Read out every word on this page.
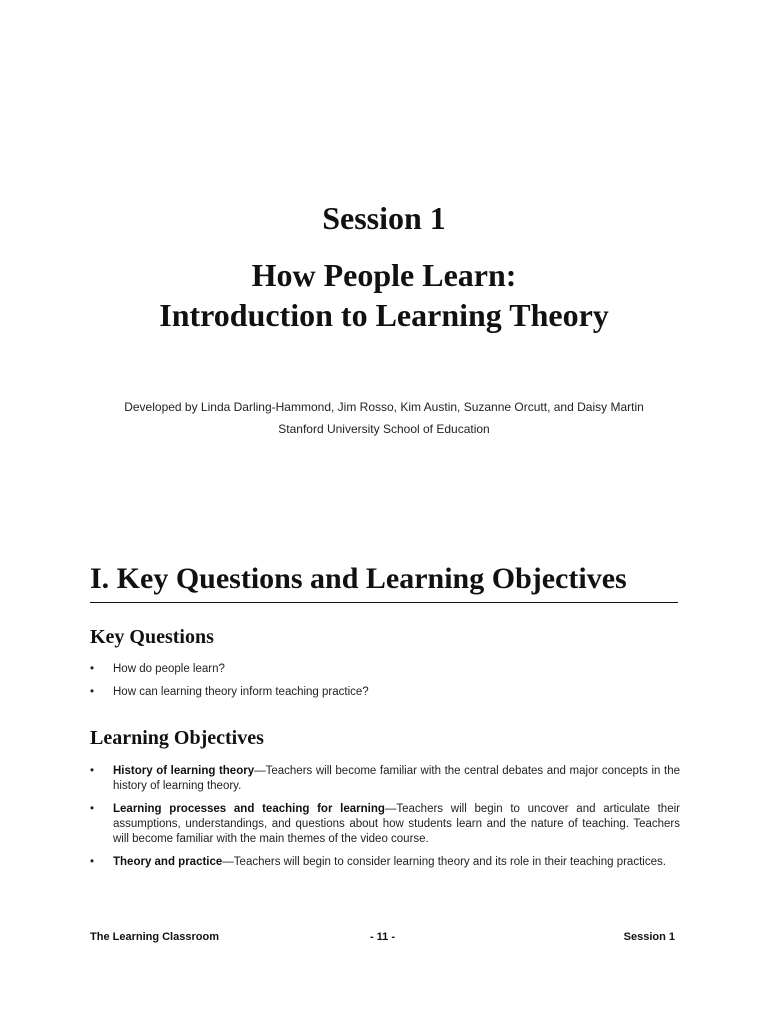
Session 1
How People Learn:
Introduction to Learning Theory
Developed by Linda Darling-Hammond, Jim Rosso, Kim Austin, Suzanne Orcutt, and Daisy Martin
Stanford University School of Education
I. Key Questions and Learning Objectives
Key Questions
• How do people learn?
• How can learning theory inform teaching practice?
Learning Objectives
• History of learning theory—Teachers will become familiar with the central debates and major concepts in the history of learning theory.
• Learning processes and teaching for learning—Teachers will begin to uncover and articulate their assumptions, understandings, and questions about how students learn and the nature of teaching. Teachers will become familiar with the main themes of the video course.
• Theory and practice—Teachers will begin to consider learning theory and its role in their teaching practices.
The Learning Classroom	- 11 -	Session 1
